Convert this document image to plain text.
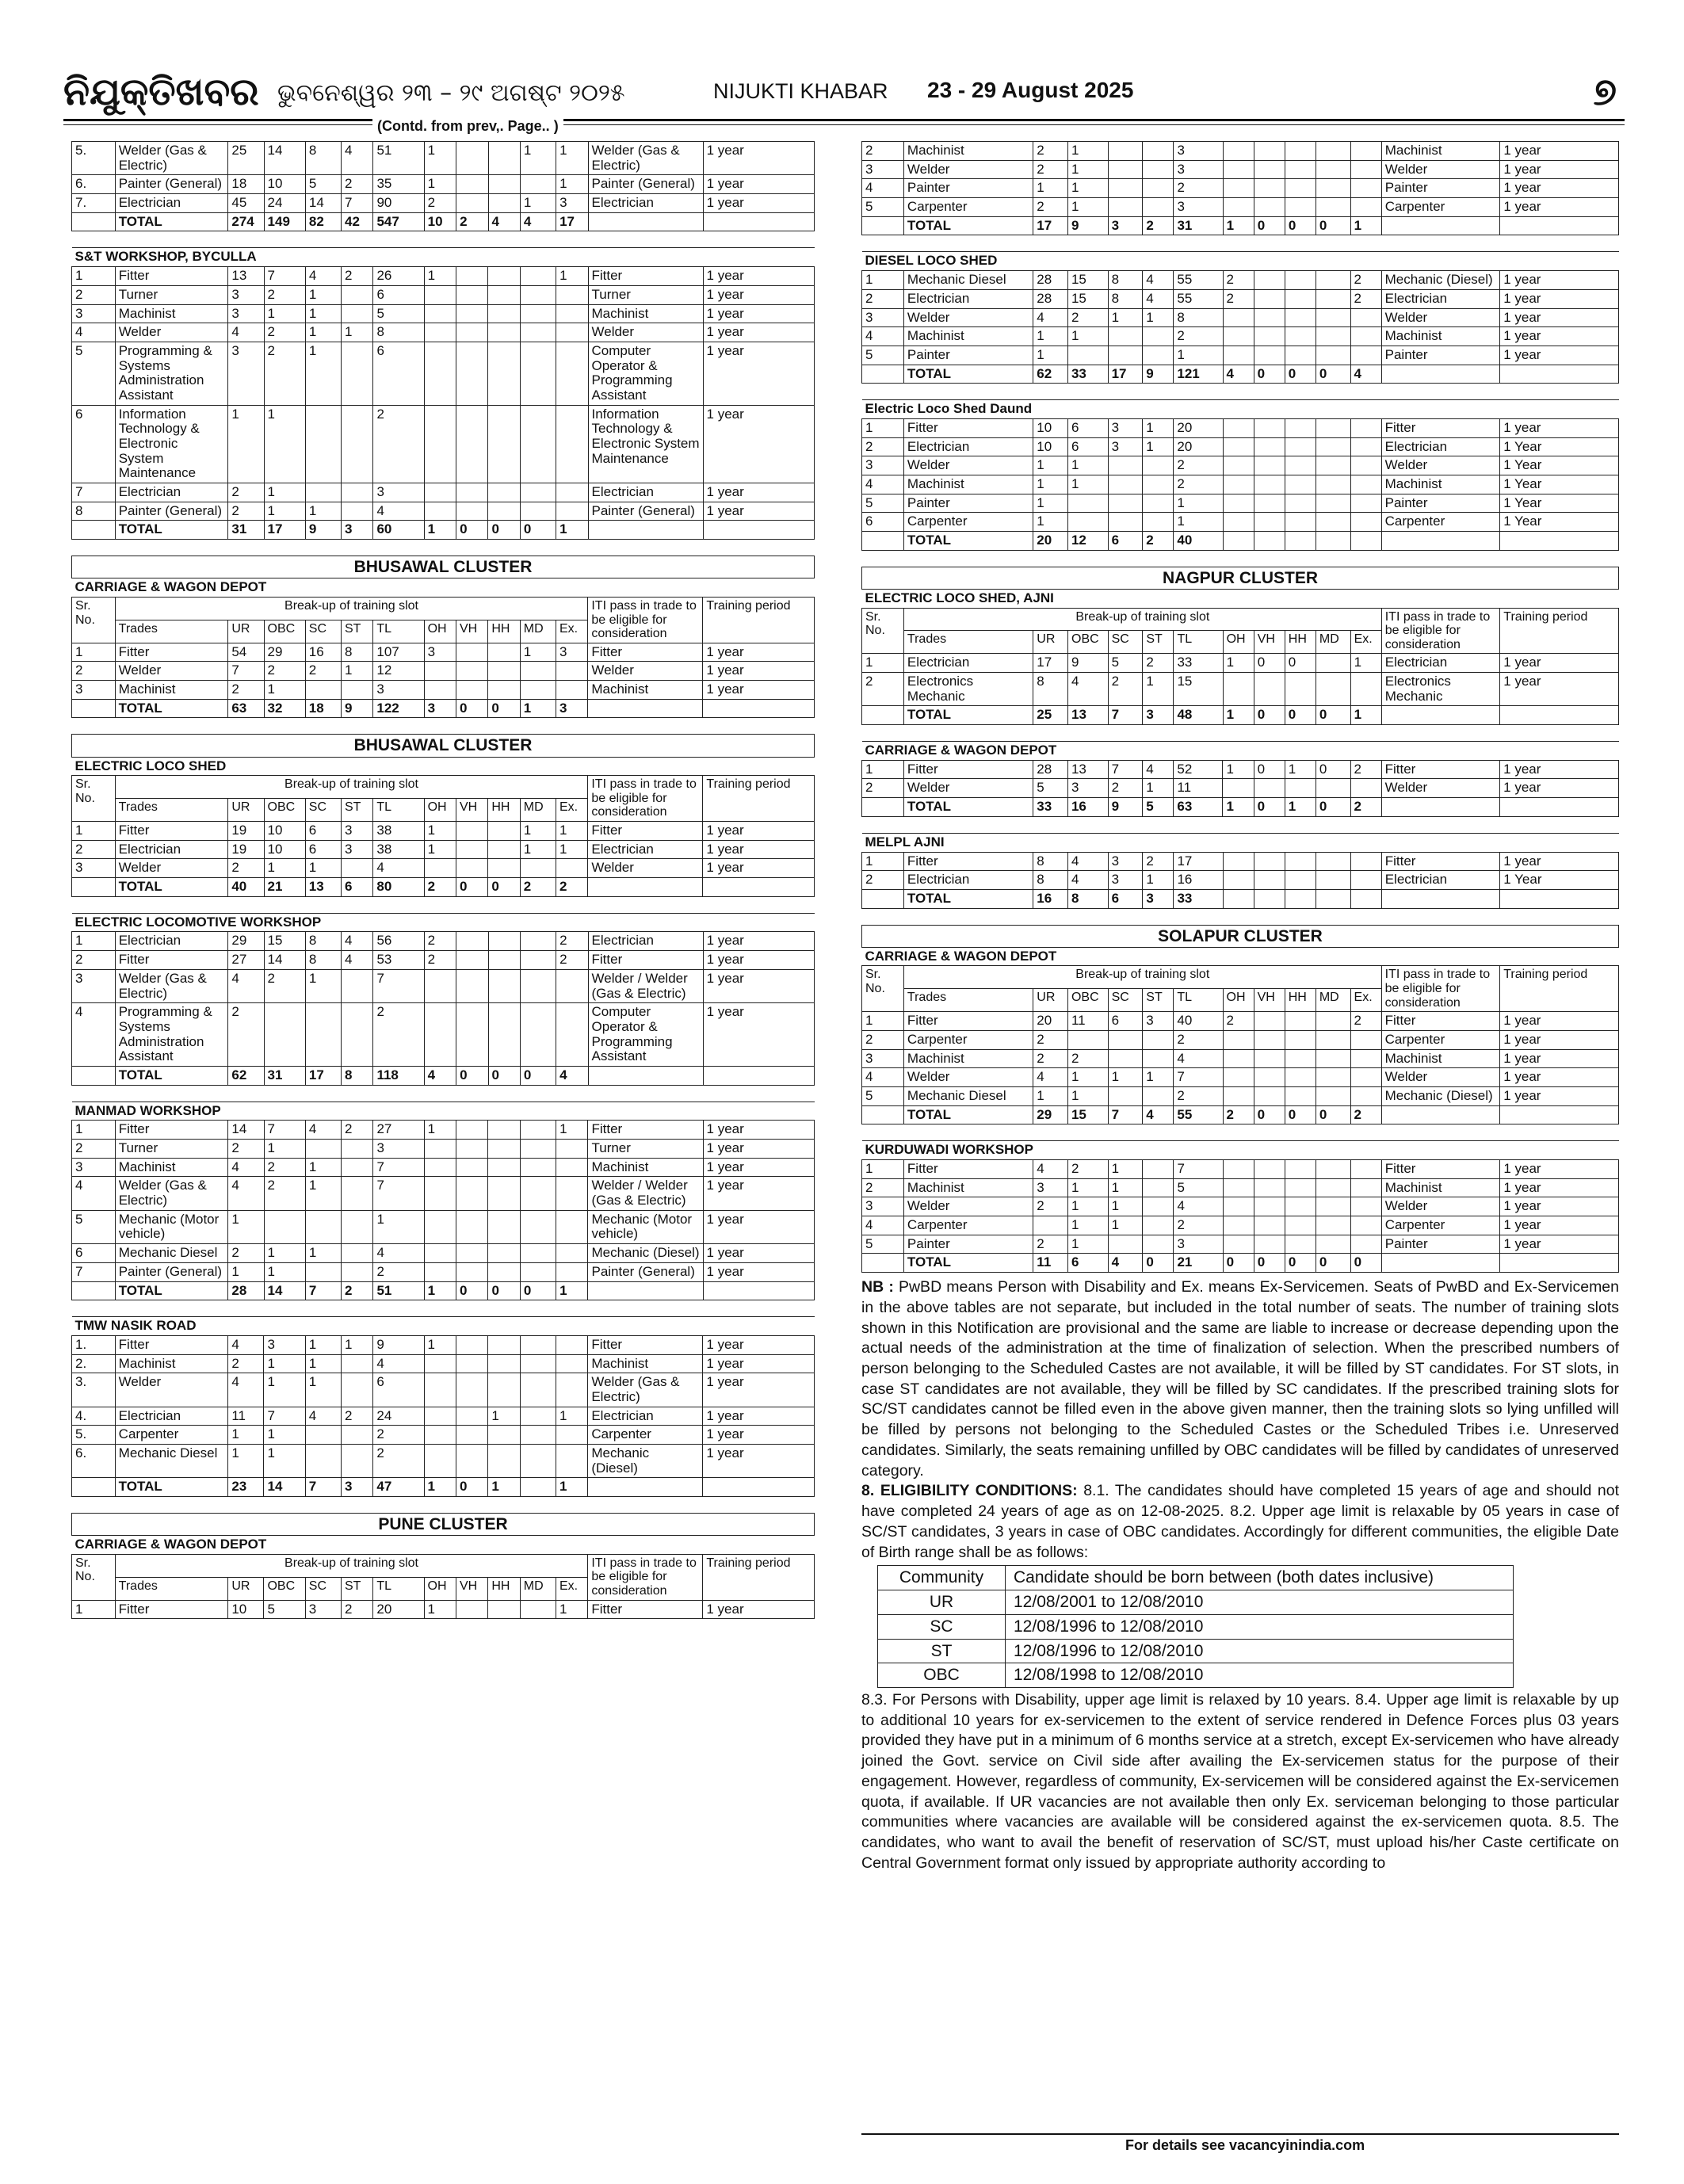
ନିଯୁକ୍ତିଖବର ଭୁବନେଶ୍ୱର ୨୩ – ୨୯ ଅଗଷ୍ଟ ୨୦୨୫	NIJUKTI KHABAR 23 - 29 August 2025	୭
(Contd. from prev,. Page.. )
5.	Welder (Gas & Electric)	25	14	8	4	51	1			1	1	Welder (Gas & Electric)	1 year
6.	Painter (General)	18	10	5	2	35	1				1	Painter (General)	1 year
7.	Electrician	45	24	14	7	90	2			1	3	Electrician	1 year
	TOTAL	274	149	82	42	547	10	2	4	4	17		
S&T WORKSHOP, BYCULLA													
1	Fitter	13	7	4	2	26	1				1	Fitter	1 year
2	Turner	3	2	1		6						Turner	1 year
3	Machinist	3	1	1		5						Machinist	1 year
4	Welder	4	2	1	1	8						Welder	1 year
5	Programming & Systems Administration Assistant	3	2	1		6						Computer Operator & Programming Assistant	1 year
6	Information Technology & Electronic System Maintenance	1	1			2						Information Technology & Electronic System Maintenance	1 year
7	Electrician	2	1			3						Electrician	1 year
8	Painter (General)	2	1	1		4						Painter (General)	1 year
	TOTAL	31	17	9	3	60	1	0	0	0	1		
BHUSAWAL CLUSTER													
CARRIAGE & WAGON DEPOT													
Sr. No.	Break-up of training slot											ITI pass in trade to be eligible for consideration	Training period
	Trades	UR	OBC	SC	ST	TL	OH	VH	HH	MD	Ex.		
1	Fitter	54	29	16	8	107	3			1	3	Fitter	1 year
2	Welder	7	2	2	1	12						Welder	1 year
3	Machinist	2	1			3						Machinist	1 year
	TOTAL	63	32	18	9	122	3	0	0	1	3		
BHUSAWAL CLUSTER													
ELECTRIC LOCO SHED													
Sr. No.	Break-up of training slot											ITI pass in trade to be eligible for consideration	Training period
	Trades	UR	OBC	SC	ST	TL	OH	VH	HH	MD	Ex.		
1	Fitter	19	10	6	3	38	1			1	1	Fitter	1 year
2	Electrician	19	10	6	3	38	1			1	1	Electrician	1 year
3	Welder	2	1	1		4						Welder	1 year
	TOTAL	40	21	13	6	80	2	0	0	2	2		
ELECTRIC LOCOMOTIVE WORKSHOP													
1	Electrician	29	15	8	4	56	2				2	Electrician	1 year
2	Fitter	27	14	8	4	53	2				2	Fitter	1 year
3	Welder (Gas & Electric)	4	2	1		7						Welder / Welder (Gas & Electric)	1 year
4	Programming & Systems Administration Assistant	2				2						Computer Operator & Programming Assistant	1 year
	TOTAL	62	31	17	8	118	4	0	0	0	4		
MANMAD WORKSHOP													
1	Fitter	14	7	4	2	27	1				1	Fitter	1 year
2	Turner	2	1			3						Turner	1 year
3	Machinist	4	2	1		7						Machinist	1 year
4	Welder (Gas & Electric)	4	2	1		7						Welder / Welder (Gas & Electric)	1 year
5	Mechanic (Motor vehicle)	1				1						Mechanic (Motor vehicle)	1 year
6	Mechanic Diesel	2	1	1		4						Mechanic (Diesel)	1 year
7	Painter (General)	1	1			2						Painter (General)	1 year
	TOTAL	28	14	7	2	51	1	0	0	0	1		
TMW NASIK ROAD													
1.	Fitter	4	3	1	1	9	1					Fitter	1 year
2.	Machinist	2	1	1		4						Machinist	1 year
3.	Welder	4	1	1		6						Welder (Gas & Electric)	1 year
4.	Electrician	11	7	4	2	24			1		1	Electrician	1 year
5.	Carpenter	1	1			2						Carpenter	1 year
6.	Mechanic Diesel	1	1			2						Mechanic (Diesel)	1 year
	TOTAL	23	14	7	3	47	1	0	1		1		
PUNE CLUSTER													
CARRIAGE & WAGON DEPOT													
Sr. No.	Break-up of training slot											ITI pass in trade to be eligible for consideration	Training period
	Trades	UR	OBC	SC	ST	TL	OH	VH	HH	MD	Ex.		
1	Fitter	10	5	3	2	20	1				1	Fitter	1 year
2	Machinist	2	1			3						Machinist	1 year
3	Welder	2	1			3						Welder	1 year
4	Painter	1	1			2						Painter	1 year
5	Carpenter	2	1			3						Carpenter	1 year
	TOTAL	17	9	3	2	31	1	0	0	0	1		
DIESEL LOCO SHED													
1	Mechanic Diesel	28	15	8	4	55	2				2	Mechanic (Diesel)	1 year
2	Electrician	28	15	8	4	55	2				2	Electrician	1 year
3	Welder	4	2	1	1	8						Welder	1 year
4	Machinist	1	1			2						Machinist	1 year
5	Painter	1				1						Painter	1 year
	TOTAL	62	33	17	9	121	4	0	0	0	4		
Electric Loco Shed Daund													
1	Fitter	10	6	3	1	20						Fitter	1 year
2	Electrician	10	6	3	1	20						Electrician	1 Year
3	Welder	1	1			2						Welder	1 Year
4	Machinist	1	1			2						Machinist	1 Year
5	Painter	1				1						Painter	1 Year
6	Carpenter	1				1						Carpenter	1 Year
	TOTAL	20	12	6	2	40							
NAGPUR CLUSTER													
ELECTRIC LOCO SHED, AJNI													
Sr. No.	Break-up of training slot											ITI pass in trade to be eligible for consideration	Training period
	Trades	UR	OBC	SC	ST	TL	OH	VH	HH	MD	Ex.		
1	Electrician	17	9	5	2	33	1	0	0		1	Electrician	1 year
2	Electronics Mechanic	8	4	2	1	15						Electronics Mechanic	1 year
	TOTAL	25	13	7	3	48	1	0	0	0	1		
CARRIAGE & WAGON DEPOT													
1	Fitter	28	13	7	4	52	1	0	1	0	2	Fitter	1 year
2	Welder	5	3	2	1	11						Welder	1 year
	TOTAL	33	16	9	5	63	1	0	1	0	2		
MELPL AJNI													
1	Fitter	8	4	3	2	17						Fitter	1 year
2	Electrician	8	4	3	1	16						Electrician	1 Year
	TOTAL	16	8	6	3	33							
SOLAPUR CLUSTER													
CARRIAGE & WAGON DEPOT													
Sr. No.	Break-up of training slot											ITI pass in trade to be eligible for consideration	Training period
	Trades	UR	OBC	SC	ST	TL	OH	VH	HH	MD	Ex.		
1	Fitter	20	11	6	3	40	2				2	Fitter	1 year
2	Carpenter	2				2						Carpenter	1 year
3	Machinist	2	2			4						Machinist	1 year
4	Welder	4	1	1	1	7						Welder	1 year
5	Mechanic Diesel	1	1			2						Mechanic (Diesel)	1 year
	TOTAL	29	15	7	4	55	2	0	0	0	2		
KURDUWADI WORKSHOP													
1	Fitter	4	2	1		7						Fitter	1 year
2	Machinist	3	1	1		5						Machinist	1 year
3	Welder	2	1	1		4						Welder	1 year
4	Carpenter		1	1		2						Carpenter	1 year
5	Painter	2	1			3						Painter	1 year
	TOTAL	11	6	4	0	21	0	0	0	0	0		
NB : PwBD means Person with Disability and Ex. means Ex-Servicemen. Seats of PwBD and Ex-Servicemen in the above tables are not separate, but included in the total number of seats. The number of training slots shown in this Notification are provisional and the same are liable to increase or decrease depending upon the actual needs of the administration at the time of finalization of selection. When the prescribed numbers of person belonging to the Scheduled Castes are not available, it will be filled by ST candidates. For ST slots, in case ST candidates are not available, they will be filled by SC candidates. If the prescribed training slots for SC/ST candidates cannot be filled even in the above given manner, then the training slots so lying unfilled will be filled by persons not belonging to the Scheduled Castes or the Scheduled Tribes i.e. Unreserved candidates. Similarly, the seats remaining unfilled by OBC candidates will be filled by candidates of unreserved category.
8. ELIGIBILITY CONDITIONS: 8.1. The candidates should have completed 15 years of age and should not have completed 24 years of age as on 12-08-2025. 8.2. Upper age limit is relaxable by 05 years in case of SC/ST candidates, 3 years in case of OBC candidates. Accordingly for different communities, the eligible Date of Birth range shall be as follows:
Community	Candidate should be born between (both dates inclusive)
UR	12/08/2001 to 12/08/2010
SC	12/08/1996 to 12/08/2010
ST	12/08/1996 to 12/08/2010
OBC	12/08/1998 to 12/08/2010
8.3. For Persons with Disability, upper age limit is relaxed by 10 years. 8.4. Upper age limit is relaxable by up to additional 10 years for ex-servicemen to the extent of service rendered in Defence Forces plus 03 years provided they have put in a minimum of 6 months service at a stretch, except Ex-servicemen who have already joined the Govt. service on Civil side after availing the Ex-servicemen status for the purpose of their engagement. However, regardless of community, Ex-servicemen will be considered against the Ex-servicemen quota, if available. If UR vacancies are not available then only Ex. serviceman belonging to those particular communities where vacancies are available will be considered against the ex-servicemen quota. 8.5. The candidates, who want to avail the benefit of reservation of SC/ST, must upload his/her Caste certificate on Central Government format only issued by appropriate authority according to
For details see vacancyinindia.com
